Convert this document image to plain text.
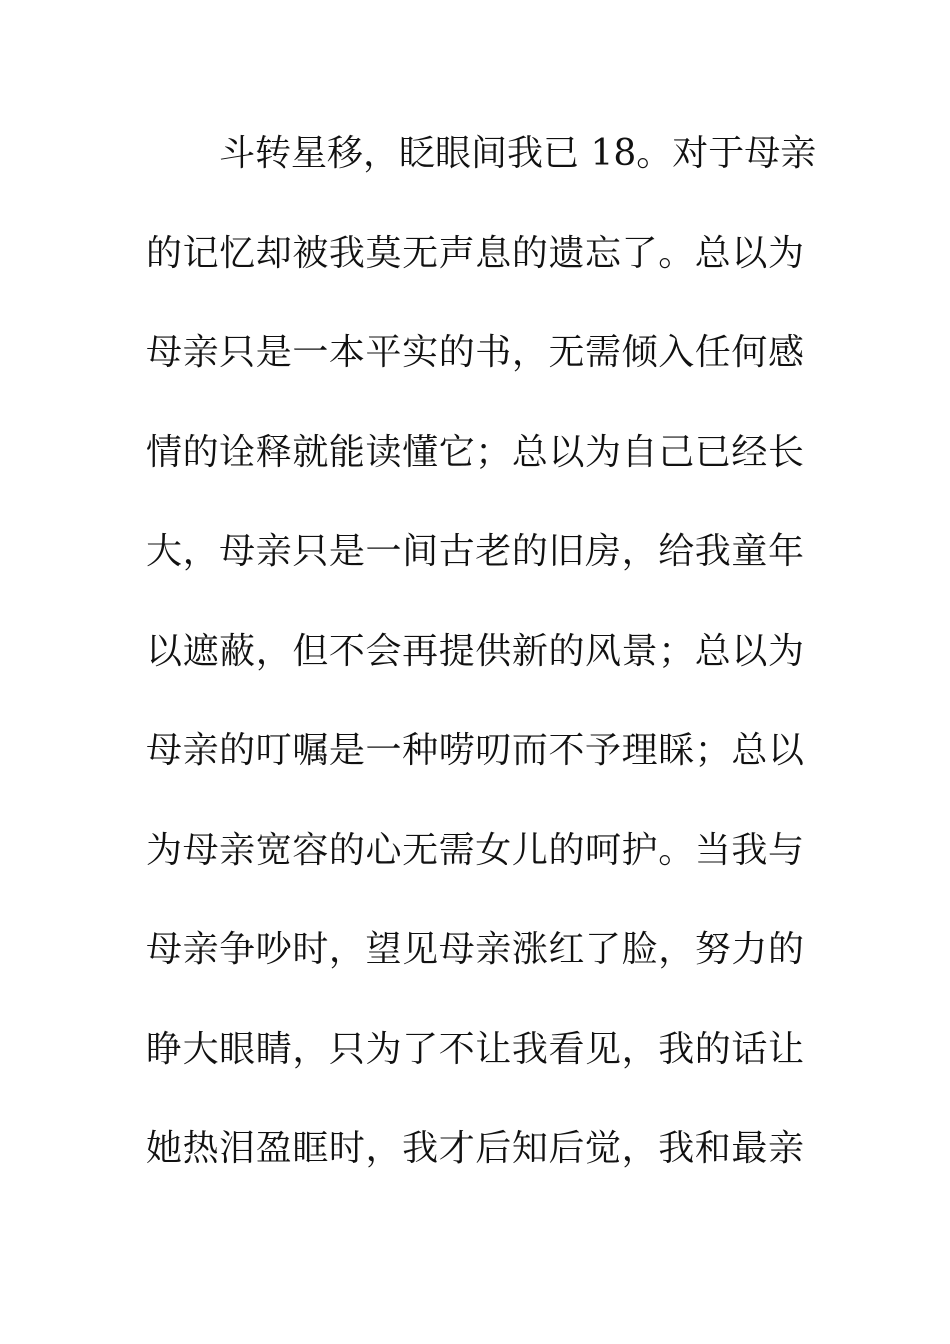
斗转星移，眨眼间我已 18。对于母亲
的记忆却被我莫无声息的遗忘了。总以为
母亲只是一本平实的书，无需倾入任何感
情的诠释就能读懂它；总以为自己已经长
大，母亲只是一间古老的旧房，给我童年
以遮蔽，但不会再提供新的风景；总以为
母亲的叮嘱是一种唠叨而不予理睬；总以
为母亲宽容的心无需女儿的呵护。当我与
母亲争吵时，望见母亲涨红了脸，努力的
睁大眼睛，只为了不让我看见，我的话让
她热泪盈眶时，我才后知后觉，我和最亲
